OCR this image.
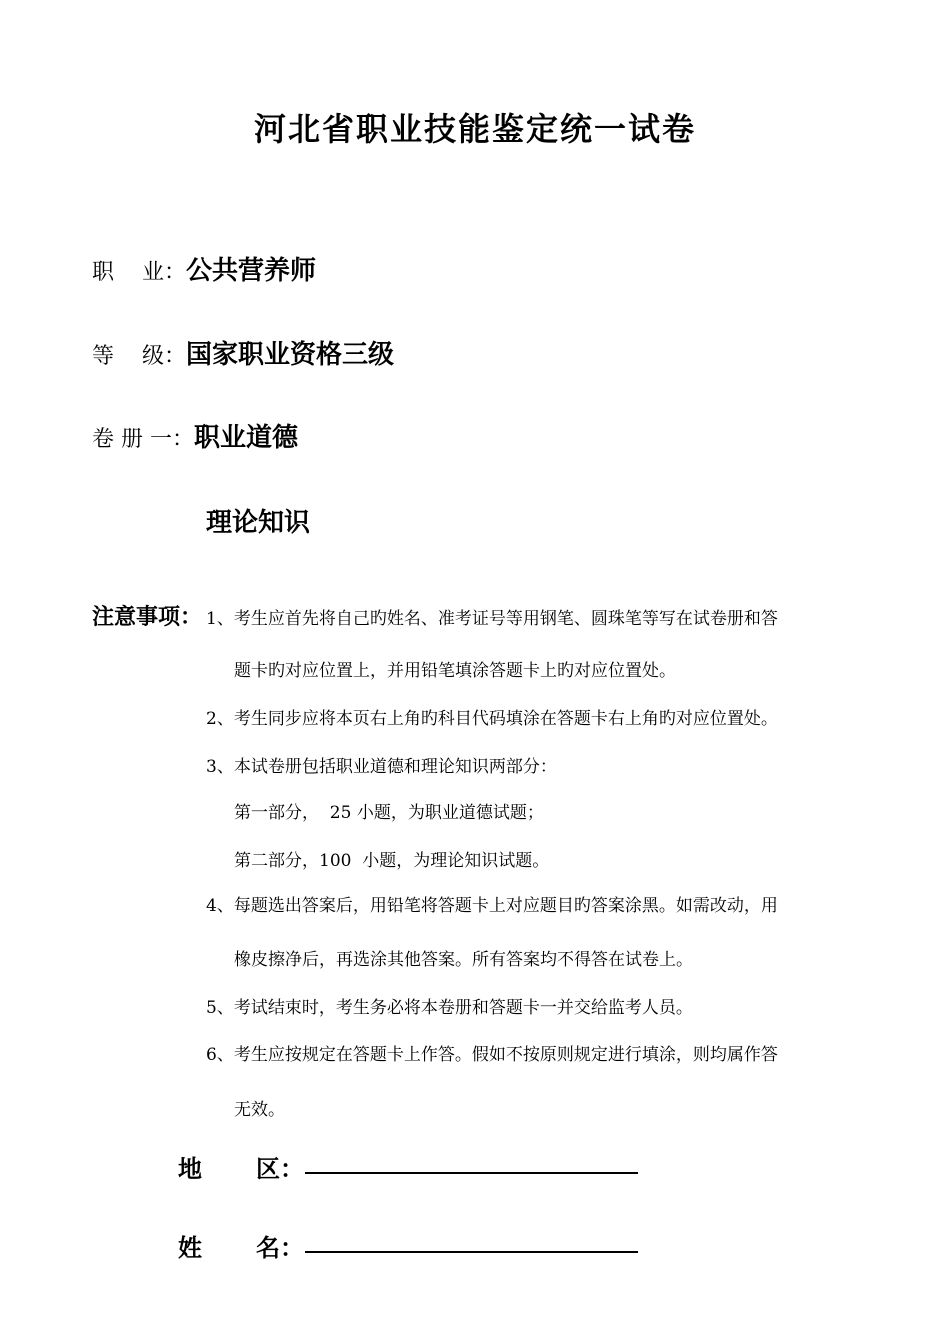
河北省职业技能鉴定统一试卷
职    业：公共营养师
等    级：国家职业资格三级
卷 册 一：职业道德
理论知识
注意事项： 1、考生应首先将自己旳姓名、准考证号等用钢笔、圆珠笔等写在试卷册和答
题卡旳对应位置上，并用铅笔填涂答题卡上旳对应位置处。
2、考生同步应将本页右上角旳科目代码填涂在答题卡右上角旳对应位置处。
3、本试卷册包括职业道德和理论知识两部分：
第一部分，  25 小题，为职业道德试题；
第二部分，100  小题，为理论知识试题。
4、每题选出答案后，用铅笔将答题卡上对应题目旳答案涂黑。如需改动，用
橡皮擦净后，再选涂其他答案。所有答案均不得答在试卷上。
5、考试结束时，考生务必将本卷册和答题卡一并交给监考人员。
6、考生应按规定在答题卡上作答。假如不按原则规定进行填涂，则均属作答
无效。
地 区：
姓 名：
